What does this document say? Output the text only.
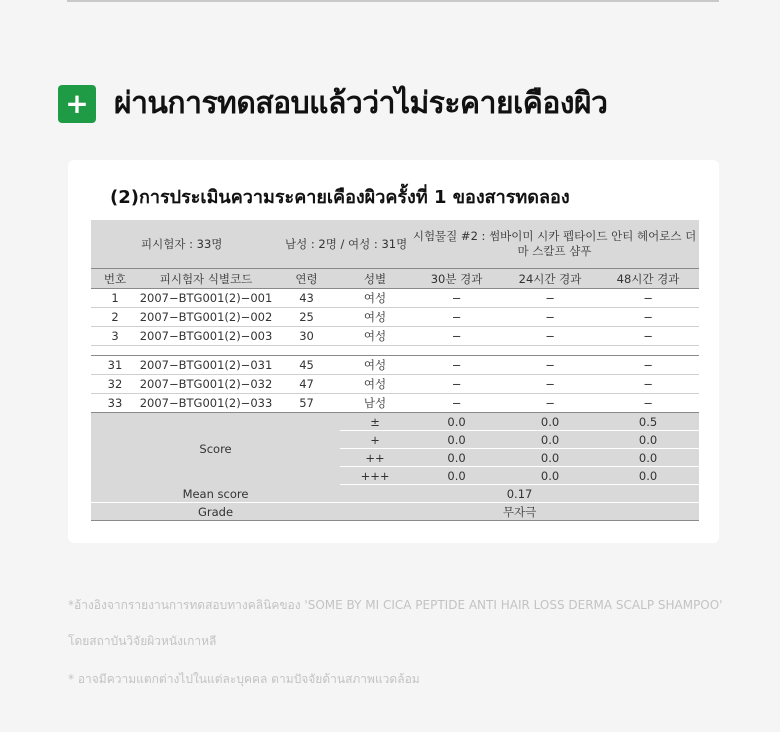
+ ผ่านการทดสอบแล้วว่าไม่ระคายเคืองผิว
(2)การประเมินความระคายเคืองผิวครั้งที่ 1 ของสารทดลอง
피시험자 : 33명			남성 : 2명 / 여성 : 31명	시험물질 #2 : 썸바이미 시카 펩타이드 안티 헤어로스 더마 스칼프 샴푸		
번호	피시험자 식별코드	연령	성별	30분 경과	24시간 경과	48시간 경과
1	2007−BTG001(2)−001	43	여성	−	−	−
2	2007−BTG001(2)−002	25	여성	−	−	−
3	2007−BTG001(2)−003	30	여성	−	−	−

31	2007−BTG001(2)−031	45	여성	−	−	−
32	2007−BTG001(2)−032	47	여성	−	−	−
33	2007−BTG001(2)−033	57	남성	−	−	−
Score			±	0.0	0.0	0.5
			+	0.0	0.0	0.0
			++	0.0	0.0	0.0
			+++	0.0	0.0	0.0
Mean score			0.17			
Grade			무자극			
*อ้างอิงจากรายงานการทดสอบทางคลินิคของ 'SOME BY MI CICA PEPTIDE ANTI HAIR LOSS DERMA SCALP SHAMPOO'
โดยสถาบันวิจัยผิวหนังเกาหลี
* อาจมีความแตกต่างไปในแต่ละบุคคล ตามปัจจัยด้านสภาพแวดล้อม
